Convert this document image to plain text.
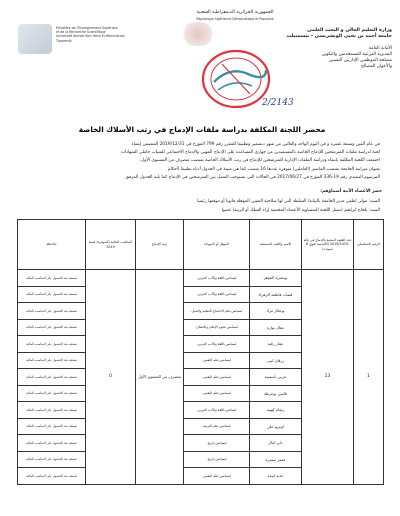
الجمهورية الجزائرية الديمقراطية الشعبية
République Algérienne Démocratique et Populaire
وزارة التعليم العالي و البحث العلمي
جامعة أحمد بن يحيى الونشريسي - تيسمبيلت
الأمانة العامة
المديرية الفرعية للمستخدمين والتكوين
مصلحة الموظفين الإداريين التقنيين
والأعوان المصالح
Ministère de l'Enseignement Supérieur
et de la Recherche Scientifique
Université Ahmed Ben Yahia El-Wancharissi
Tissemsilt
2/2143
محضر اللجنة المكلفة بدراسة ملفات الإدماج في رتب الأسلاك الخاصة
في عام ألفين وتسعة عشرة و في اليوم الواحد والثلاثين من شهر ديسمبر وتطبيقا للمقرر رقم 799 المؤرخ في 2019/12/31 المتضمن إنشاء
لجنة لدراسة ملفات المترشحين للإدماج الخاصة بالمستفيدين من جهازي المساعدة على الإدماج المهني والإدماج الاجتماعي للشباب حاملي الشهادات
اجتمعت اللجنة المكلفة بانتقاء ودراسة الملفات الإدارية للمترشحين للإدماج في رتب الأسلاك الخاصة بمنصب متصرف من المستوى الأول.
بعنوان ميزانية الجامعة بمنصب الماستر (العاملين) متوفرة عددها 16 منصب كما هي مبينة في الجدول أدناه تطبيقا لأحكام
المرسوم التنفيذي رقم 19-336 المؤرخ في 2017/06/27 في الحالات التي تستوجب الفصل بين المترشحين في الإدماج كما يليه الجدول المرفق
حضر الأعضاء الآتية أسماؤهم:
السيد: مولى لطفي مدير الجامعة بالنيابة/ السلطة التي لها صلاحية التعيين المؤهلة قانونا أو موقعها رئيسا
السيد: بلحاج ابراهيم (ممثل اللجنة المتساوية الأعضاء المختصة إزاء السلك أو الرتبة) عضوا
الرقم التسلسلي	عدد العقود المعنية بالإدماج في غاية 2019/10/31 (الأقدمية تفوق 8 سنوات)	الاسم واللقب للمستفيد	المؤهل أو الشهادة	رتبة الإدماج	المناصب المالية (الموفرة) لسنة 2019	ملاحظة
1	13	بوعمرة الجوهر	ليسانس-اللغة والأدب العربي-	متصرف من المستوى الأول	0	تستفيد بعد الحصول على المناصب المالية
		قصاب فاطمة الزهراء	ليسانس-اللغة والأدب العربي-			تستفيد بعد الحصول على المناصب المالية
		بوعكاز مراد	ليسانس-علم الاجتماع التنظيم والعمل-			تستفيد بعد الحصول على المناصب المالية
		عقال نوارة	ليسانس-علوم الإعلام والاتصال-			تستفيد بعد الحصول على المناصب المالية
		عمار رقية	ليسانس-اللغة والأدب العربي-			تستفيد بعد الحصول على المناصب المالية
		زرقان لبنى	ليسانس-علم النفس-			تستفيد بعد الحصول على المناصب المالية
		عربي ياسمينة	ليسانس-علم النفس-			تستفيد بعد الحصول على المناصب المالية
		قاسي بوعرطة	ليسانس-علم النفس-			تستفيد بعد الحصول على المناصب المالية
		رشام كهينة	ليسانس-اللغة والأدب العربي-			تستفيد بعد الحصول على المناصب المالية
		اوبزيو علي	ليسانس-علم التربية-			تستفيد بعد الحصول على المناصب المالية
		دلي امال	ليسانس-تاريخ-			تستفيد بعد الحصول على المناصب المالية
		معمر سميرة	ليسانس-تاريخ-			تستفيد بعد الحصول على المناصب المالية
		حديد ليندة	ليسانس-علم النفس-			تستفيد بعد الحصول على المناصب المالية
